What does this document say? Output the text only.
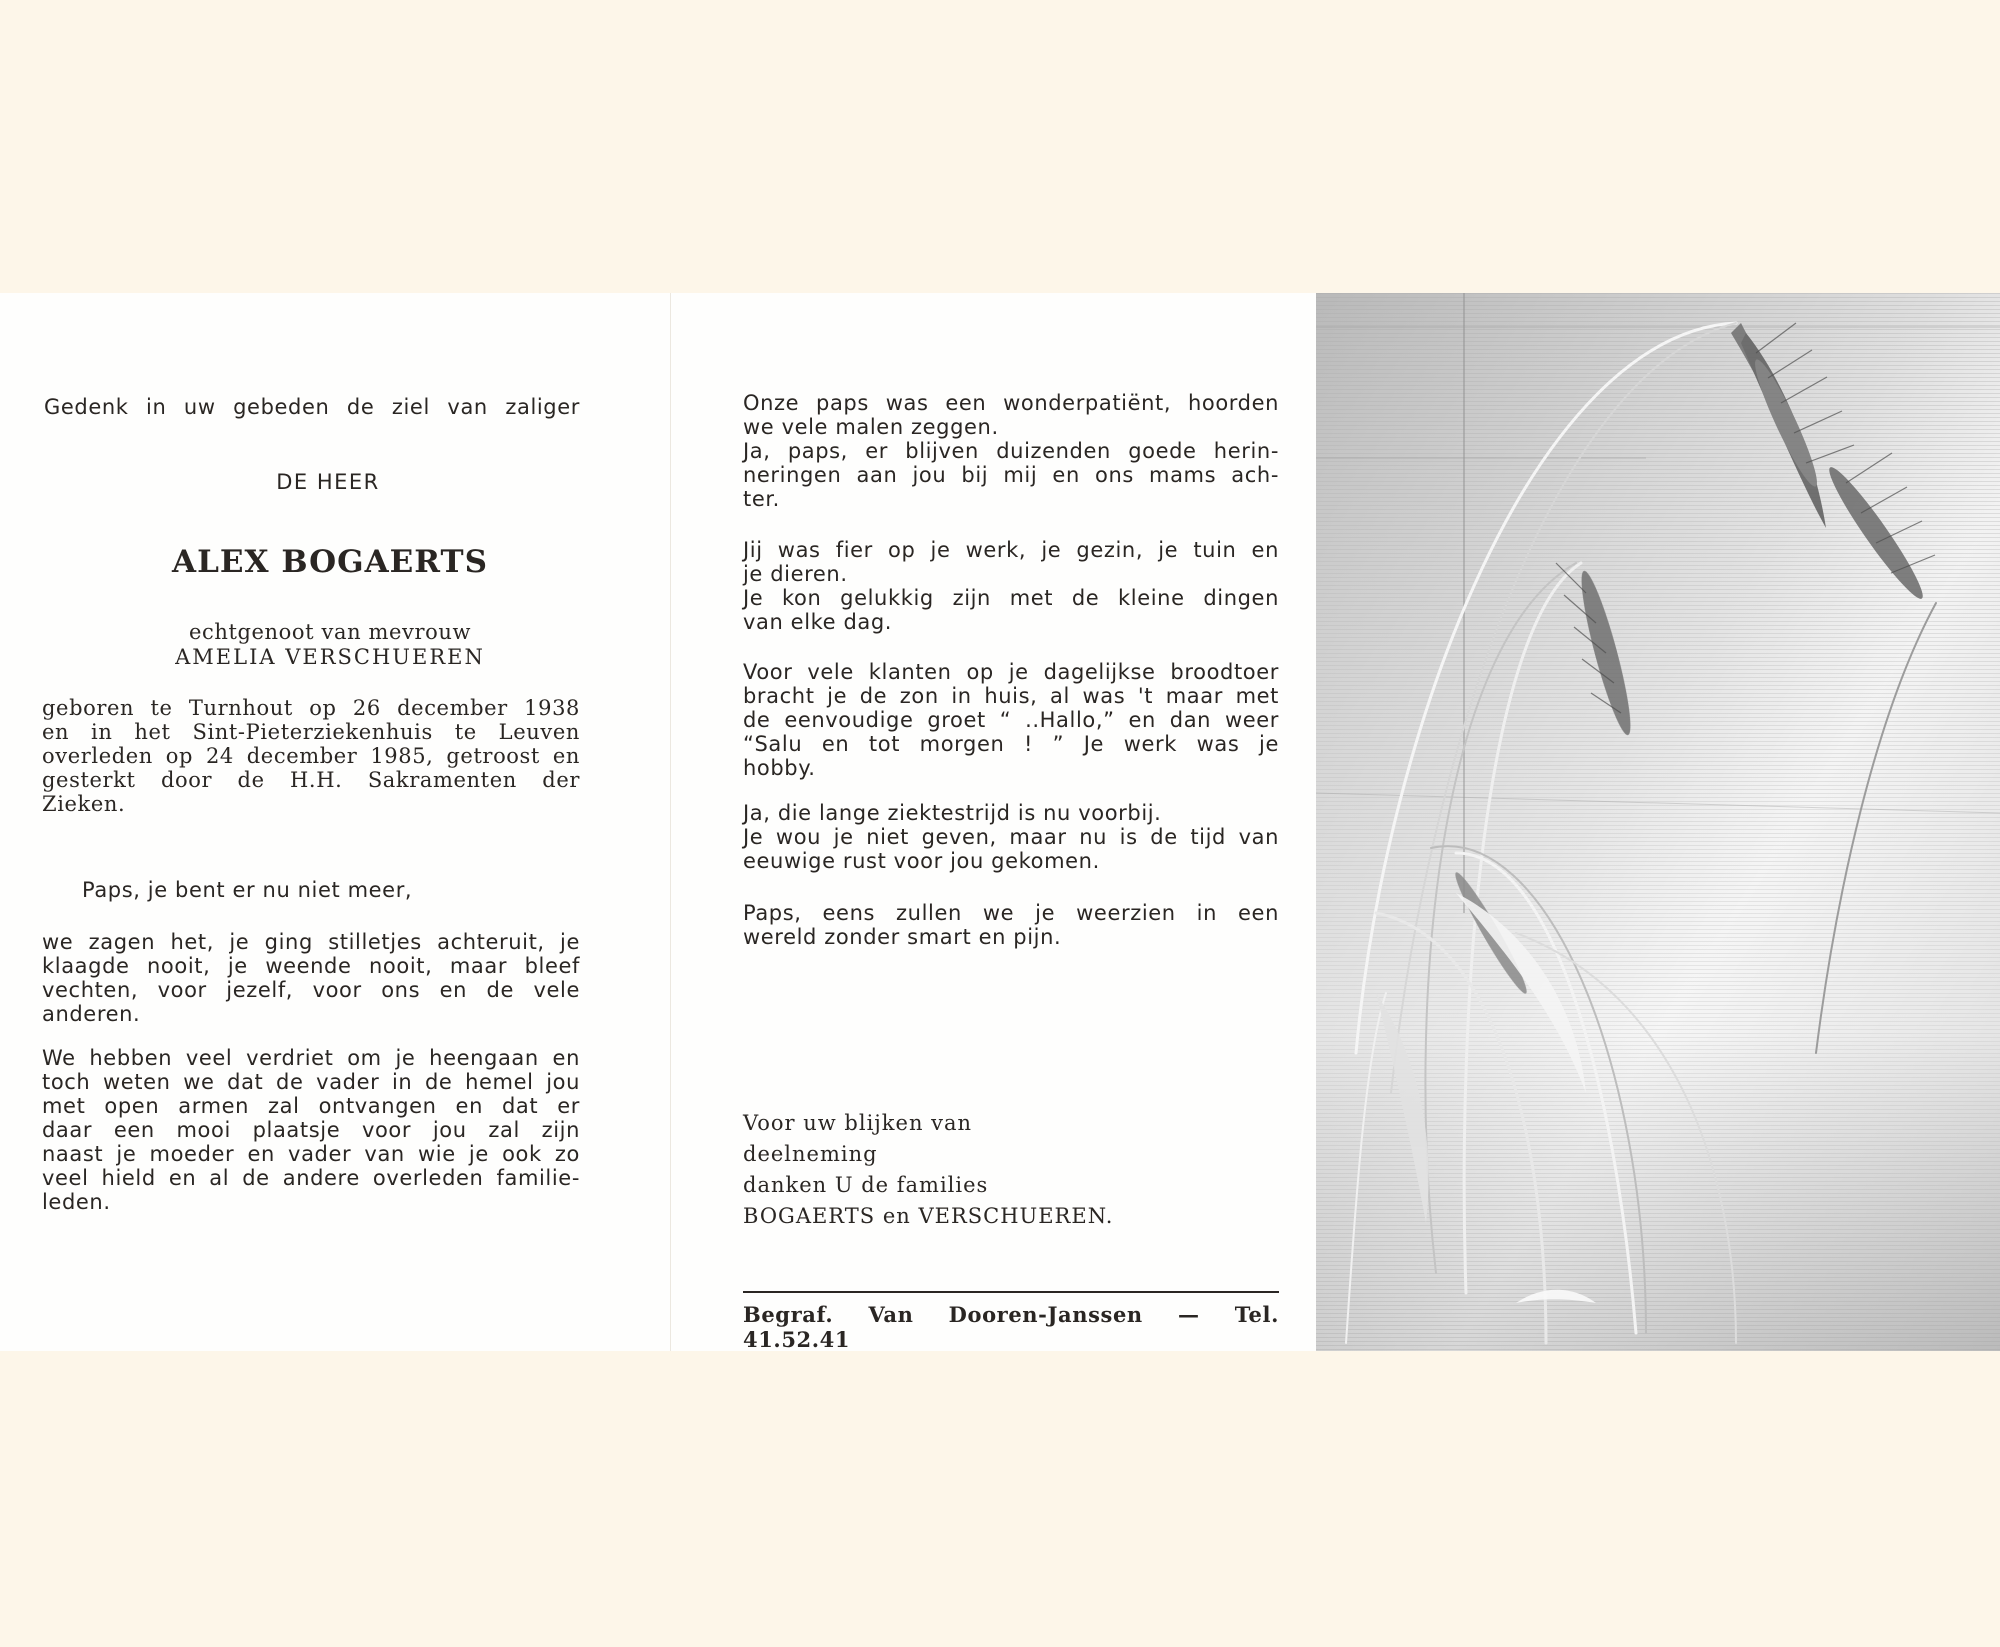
Gedenk in uw gebeden de ziel van zaliger

DE HEER

ALEX BOGAERTS

echtgenoot van mevrouw

AMELIA VERSCHUEREN

geboren te Turnhout op 26 december 1938
en in het Sint-Pieterziekenhuis te Leuven
overleden op 24 december 1985, getroost en
gesterkt door de H.H. Sakramenten der
Zieken.

Paps, je bent er nu niet meer,

we zagen het, je ging stilletjes achteruit, je
klaagde nooit, je weende nooit, maar bleef
vechten, voor jezelf, voor ons en de vele
anderen.

We hebben veel verdriet om je heengaan en
toch weten we dat de vader in de hemel jou
met open armen zal ontvangen en dat er
daar een mooi plaatsje voor jou zal zijn
naast je moeder en vader van wie je ook zo
veel hield en al de andere overleden familie-
leden.

Onze paps was een wonderpatiënt, hoorden
we vele malen zeggen.
Ja, paps, er blijven duizenden goede herin-
neringen aan jou bij mij en ons mams ach-
ter.

Jij was fier op je werk, je gezin, je tuin en
je dieren.
Je kon gelukkig zijn met de kleine dingen
van elke dag.

Voor vele klanten op je dagelijkse broodtoer
bracht je de zon in huis, al was 't maar met
de eenvoudige groet “ ..Hallo,” en dan weer
“Salu en tot morgen ! ” Je werk was je
hobby.

Ja, die lange ziektestrijd is nu voorbij.
Je wou je niet geven, maar nu is de tijd van
eeuwige rust voor jou gekomen.

Paps, eens zullen we je weerzien in een
wereld zonder smart en pijn.

Voor uw blijken van
deelneming
danken U de families
BOGAERTS en VERSCHUEREN.

Begraf. Van Dooren-Janssen — Tel. 41.52.41
